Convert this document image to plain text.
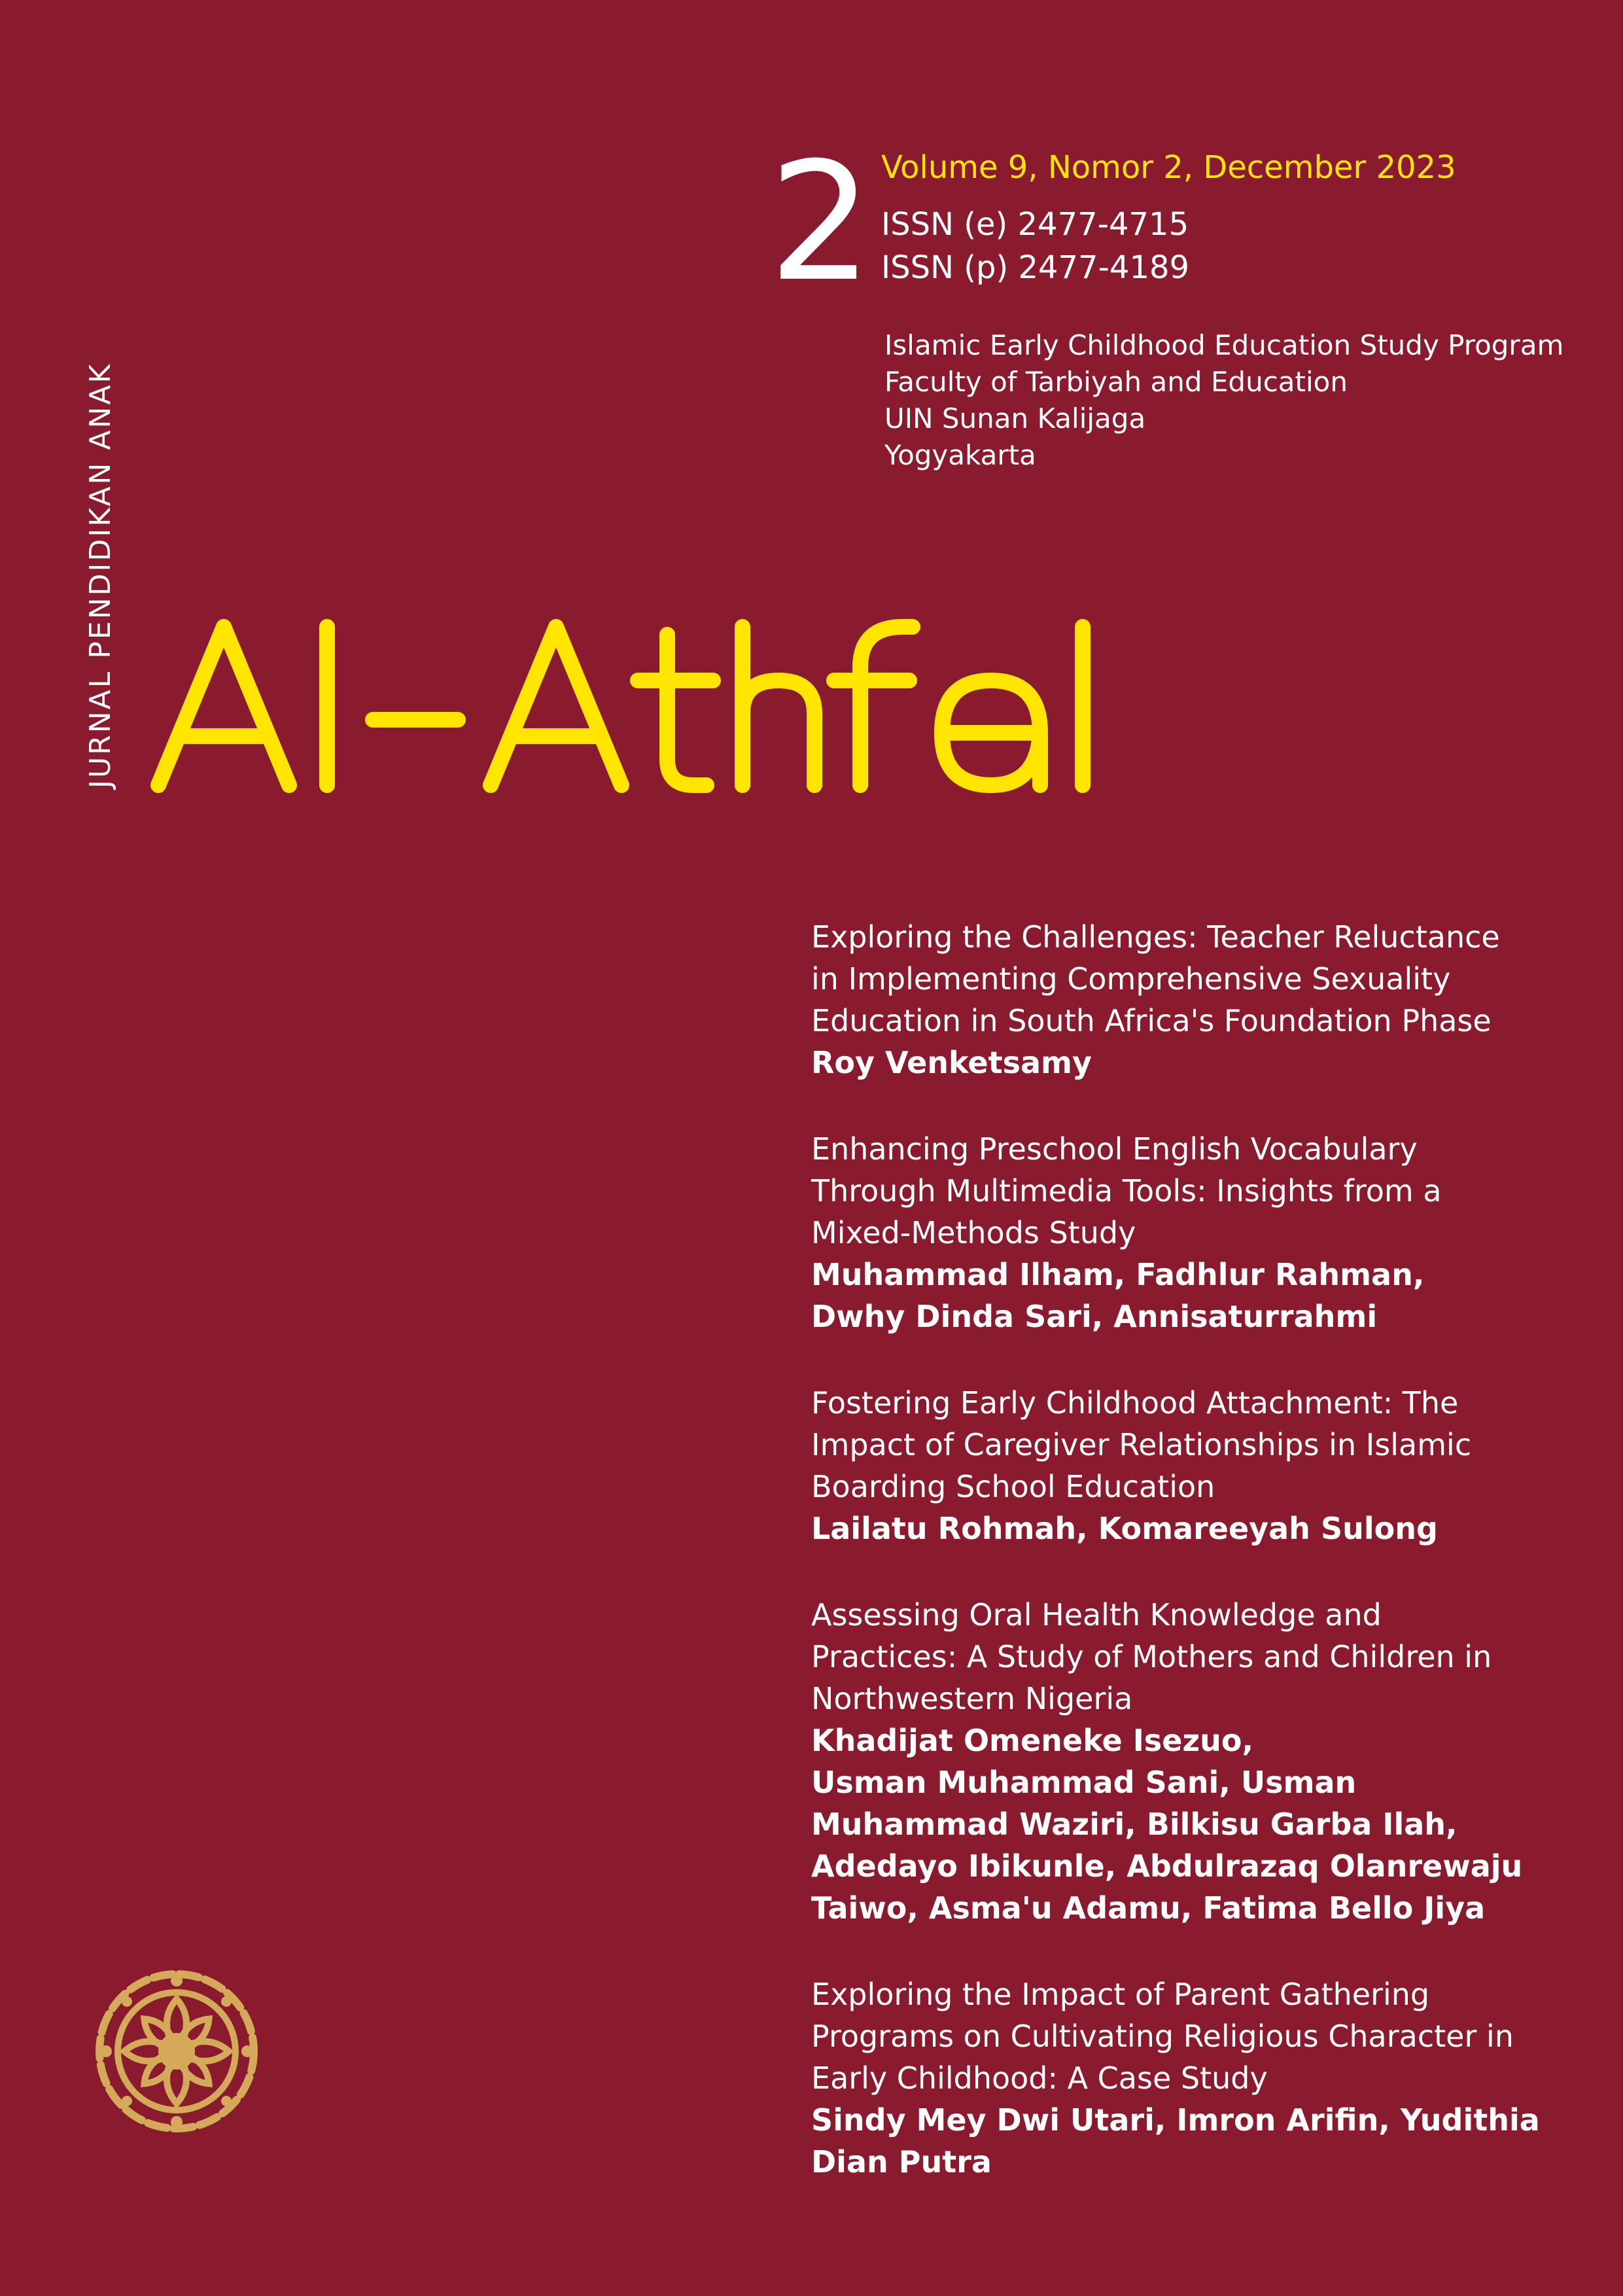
2 Volume 9, Nomor 2, December 2023
ISSN (e) 2477-4715
ISSN (p) 2477-4189
Islamic Early Childhood Education Study Program
Faculty of Tarbiyah and Education
UIN Sunan Kalijaga
Yogyakarta
JURNAL PENDIDIKAN ANAK
Exploring the Challenges: Teacher Reluctance
in Implementing Comprehensive Sexuality
Education in South Africa's Foundation Phase
Roy Venketsamy
Enhancing Preschool English Vocabulary
Through Multimedia Tools: Insights from a
Mixed-Methods Study
Muhammad Ilham, Fadhlur Rahman,
Dwhy Dinda Sari, Annisaturrahmi
Fostering Early Childhood Attachment: The
Impact of Caregiver Relationships in Islamic
Boarding School Education
Lailatu Rohmah, Komareeyah Sulong
Assessing Oral Health Knowledge and
Practices: A Study of Mothers and Children in
Northwestern Nigeria
Khadijat Omeneke Isezuo,
Usman Muhammad Sani, Usman
Muhammad Waziri, Bilkisu Garba Ilah,
Adedayo Ibikunle, Abdulrazaq Olanrewaju
Taiwo, Asma'u Adamu, Fatima Bello Jiya
Exploring the Impact of Parent Gathering
Programs on Cultivating Religious Character in
Early Childhood: A Case Study
Sindy Mey Dwi Utari, Imron Arifin, Yudithia
Dian Putra
